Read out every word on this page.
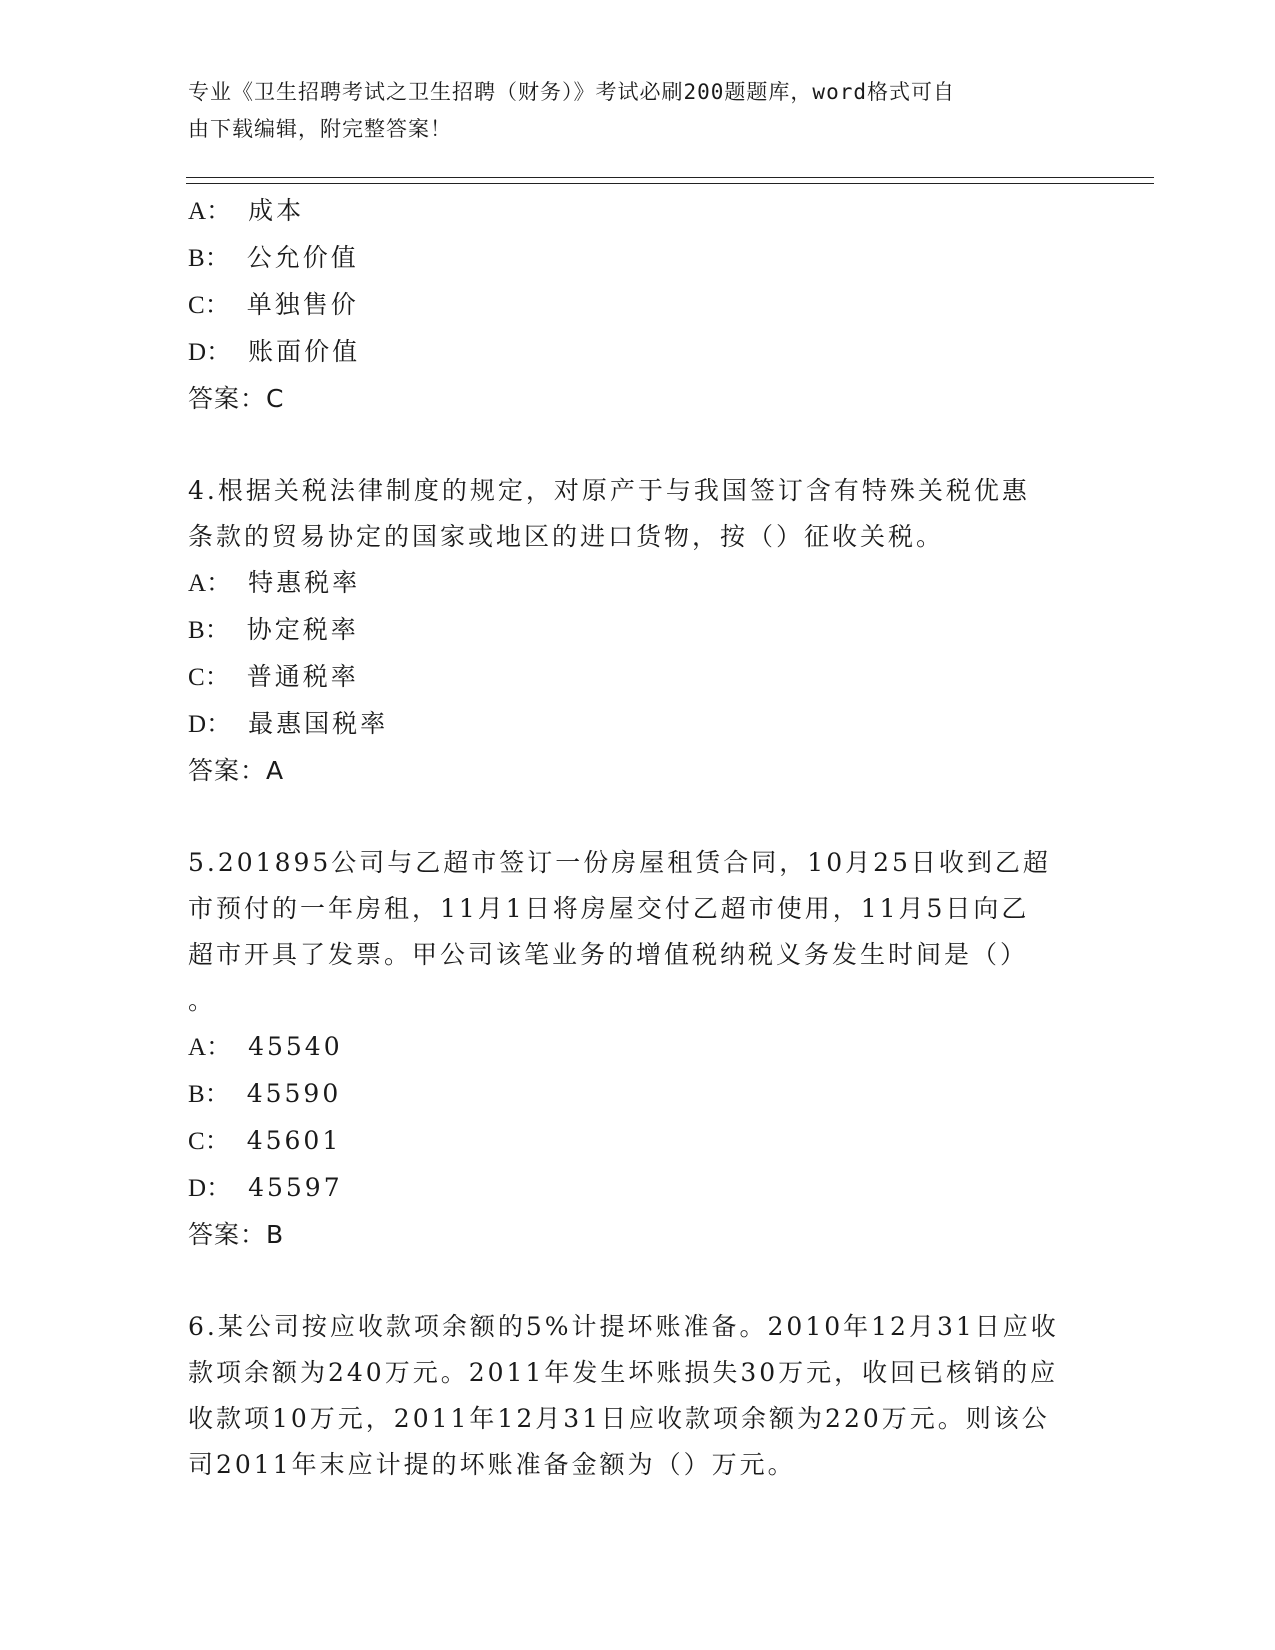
专业《卫生招聘考试之卫生招聘（财务）》考试必刷200题题库，word格式可自
由下载编辑，附完整答案！
A： 成本
B： 公允价值
C： 单独售价
D： 账面价值
答案：C
4.根据关税法律制度的规定，对原产于与我国签订含有特殊关税优惠
条款的贸易协定的国家或地区的进口货物，按（）征收关税。
A： 特惠税率
B： 协定税率
C： 普通税率
D： 最惠国税率
答案：A
5.201895公司与乙超市签订一份房屋租赁合同，10月25日收到乙超
市预付的一年房租，11月1日将房屋交付乙超市使用，11月5日向乙
超市开具了发票。甲公司该笔业务的增值税纳税义务发生时间是（）
。
A： 45540
B： 45590
C： 45601
D： 45597
答案：B
6.某公司按应收款项余额的5%计提坏账准备。2010年12月31日应收
款项余额为240万元。2011年发生坏账损失30万元，收回已核销的应
收款项10万元，2011年12月31日应收款项余额为220万元。则该公
司2011年末应计提的坏账准备金额为（）万元。
